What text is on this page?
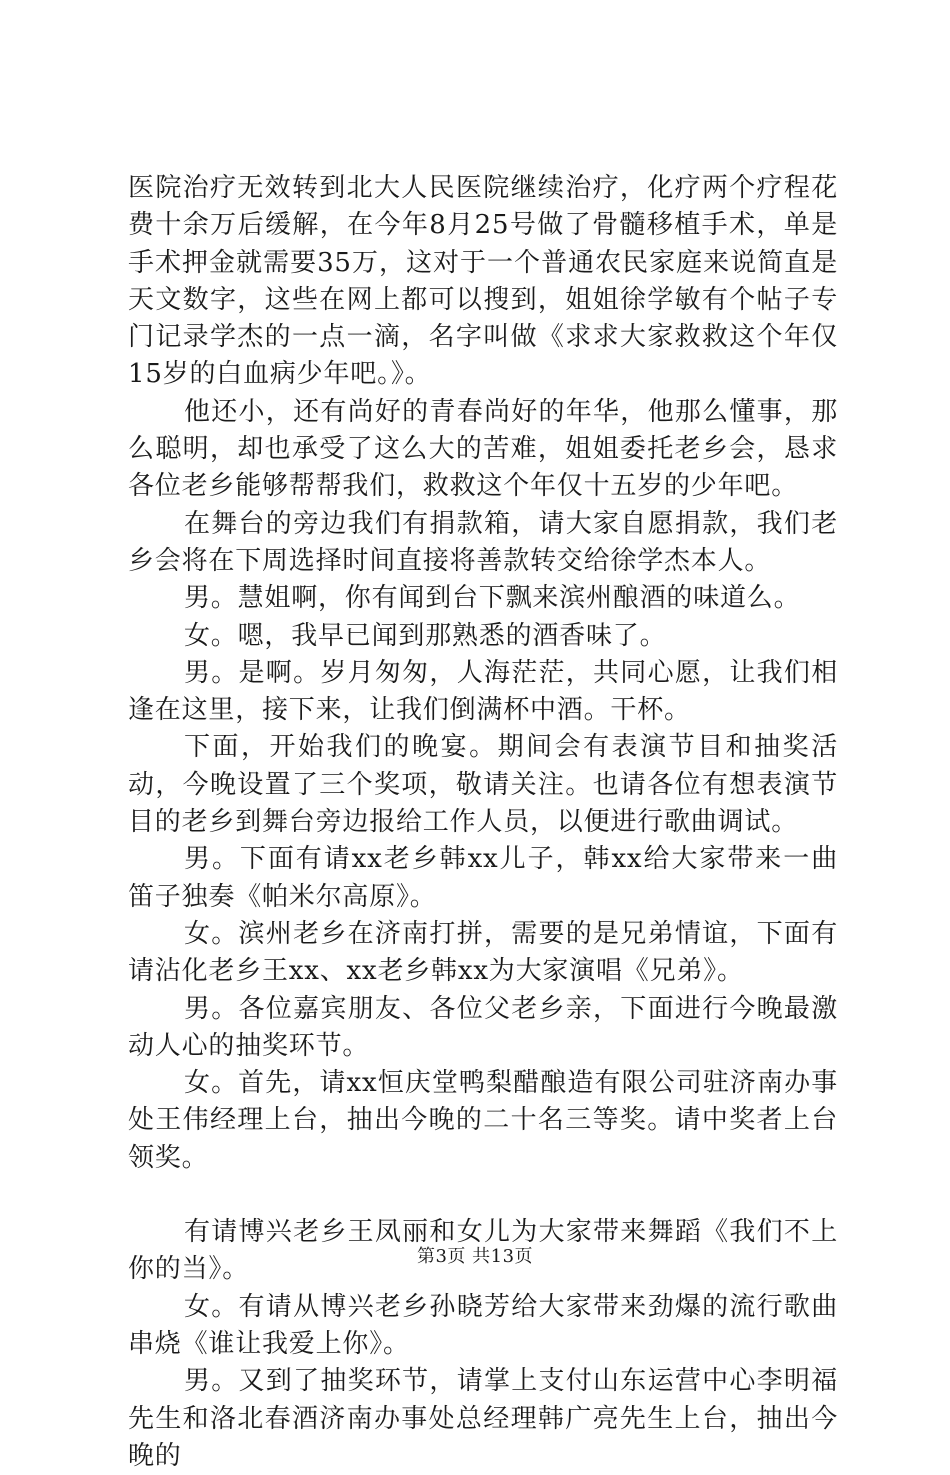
医院治疗无效转到北大人民医院继续治疗，化疗两个疗程花费十余万后缓解，在今年8月25号做了骨髓移植手术，单是手术押金就需要35万，这对于一个普通农民家庭来说简直是天文数字，这些在网上都可以搜到，姐姐徐学敏有个帖子专门记录学杰的一点一滴，名字叫做《求求大家救救这个年仅15岁的白血病少年吧。》。

他还小，还有尚好的青春尚好的年华，他那么懂事，那么聪明，却也承受了这么大的苦难，姐姐委托老乡会，恳求各位老乡能够帮帮我们，救救这个年仅十五岁的少年吧。

在舞台的旁边我们有捐款箱，请大家自愿捐款，我们老乡会将在下周选择时间直接将善款转交给徐学杰本人。

男。慧姐啊，你有闻到台下飘来滨州酿酒的味道么。

女。嗯，我早已闻到那熟悉的酒香味了。

男。是啊。岁月匆匆，人海茫茫，共同心愿，让我们相逢在这里，接下来，让我们倒满杯中酒。干杯。

下面，开始我们的晚宴。期间会有表演节目和抽奖活动，今晚设置了三个奖项，敬请关注。也请各位有想表演节目的老乡到舞台旁边报给工作人员，以便进行歌曲调试。

男。下面有请xx老乡韩xx儿子，韩xx给大家带来一曲笛子独奏《帕米尔高原》。

女。滨州老乡在济南打拼，需要的是兄弟情谊，下面有请沾化老乡王xx、xx老乡韩xx为大家演唱《兄弟》。

男。各位嘉宾朋友、各位父老乡亲，下面进行今晚最激动人心的抽奖环节。

女。首先，请xx恒庆堂鸭梨醋酿造有限公司驻济南办事处王伟经理上台，抽出今晚的二十名三等奖。请中奖者上台领奖。

有请博兴老乡王凤丽和女儿为大家带来舞蹈《我们不上你的当》。

女。有请从博兴老乡孙晓芳给大家带来劲爆的流行歌曲串烧《谁让我爱上你》。

男。又到了抽奖环节，请掌上支付山东运营中心李明福先生和洛北春酒济南办事处总经理韩广亮先生上台，抽出今晚的

第3页 共13页
